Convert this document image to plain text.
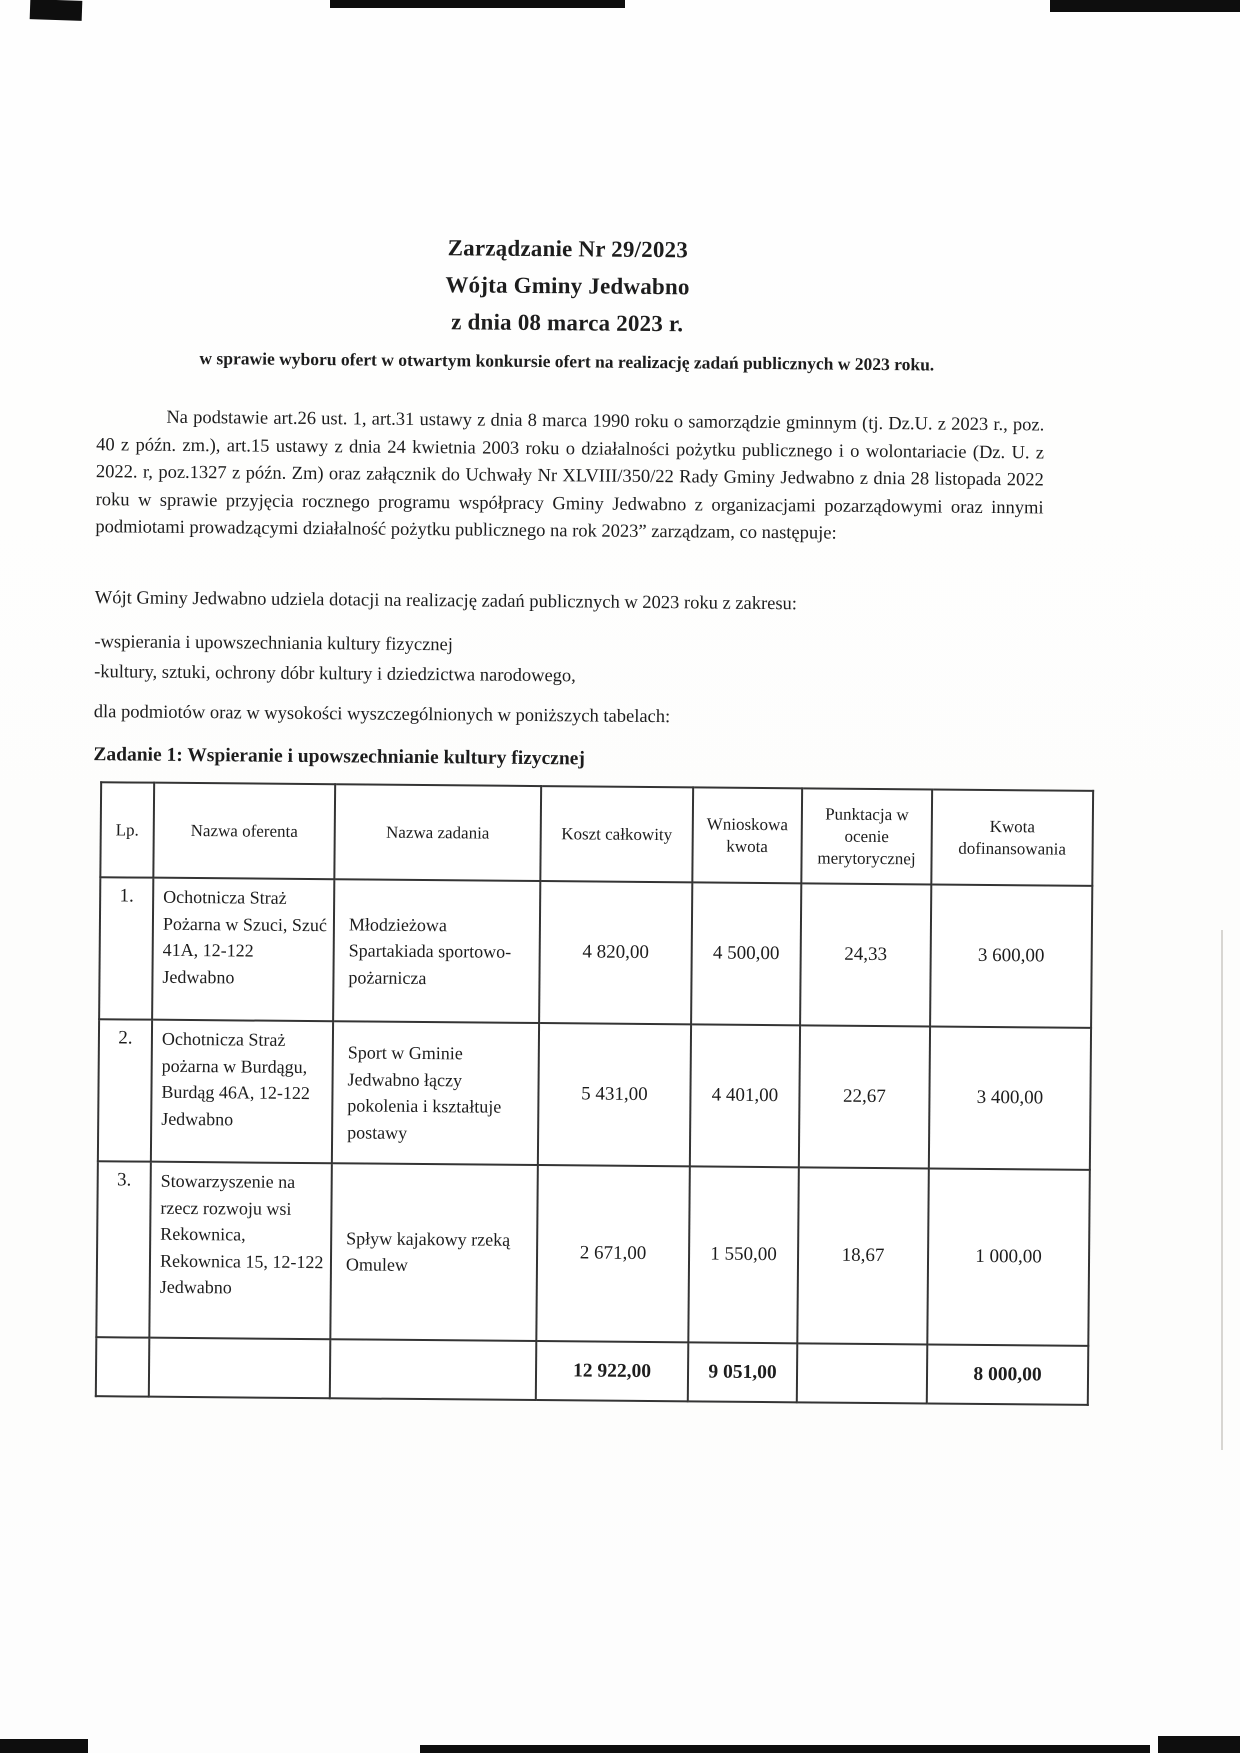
Zarządzanie Nr 29/2023
Wójta Gminy Jedwabno
z dnia 08 marca 2023 r.
w sprawie wyboru ofert w otwartym konkursie ofert na realizację zadań publicznych w 2023 roku.

Na podstawie art.26 ust. 1, art.31 ustawy z dnia 8 marca 1990 roku o samorządzie gminnym (tj. Dz.U. z 2023 r., poz. 40 z późn. zm.), art.15 ustawy z dnia 24 kwietnia 2003 roku o działalności pożytku publicznego i o wolontariacie (Dz. U. z 2022. r, poz.1327 z późn. Zm) oraz załącznik do Uchwały Nr XLVIII/350/22 Rady Gminy Jedwabno z dnia 28 listopada 2022 roku w sprawie przyjęcia rocznego programu współpracy Gminy Jedwabno z organizacjami pozarządowymi oraz innymi podmiotami prowadzącymi działalność pożytku publicznego na rok 2023” zarządzam, co następuje:

Wójt Gminy Jedwabno udziela dotacji na realizację zadań publicznych w 2023 roku z zakresu:

-wspierania i upowszechniania kultury fizycznej
-kultury, sztuki, ochrony dóbr kultury i dziedzictwa narodowego,

dla podmiotów oraz w wysokości wyszczególnionych w poniższych tabelach:

Zadanie 1: Wspieranie i upowszechnianie kultury fizycznej
Lp.	Nazwa oferenta	Nazwa zadania	Koszt całkowity	Wnioskowa kwota	Punktacja w ocenie merytorycznej	Kwota dofinansowania
1.	Ochotnicza Straż Pożarna w Szuci, Szuć 41A, 12-122 Jedwabno	Młodzieżowa Spartakiada sportowo-pożarnicza	4 820,00	4 500,00	24,33	3 600,00
2.	Ochotnicza Straż pożarna w Burdągu, Burdąg 46A, 12-122 Jedwabno	Sport w Gminie Jedwabno łączy pokolenia i kształtuje postawy	5 431,00	4 401,00	22,67	3 400,00
3.	Stowarzyszenie na rzecz rozwoju wsi Rekownica, Rekownica 15, 12-122 Jedwabno	Spływ kajakowy rzeką Omulew	2 671,00	1 550,00	18,67	1 000,00
			12 922,00	9 051,00		8 000,00
